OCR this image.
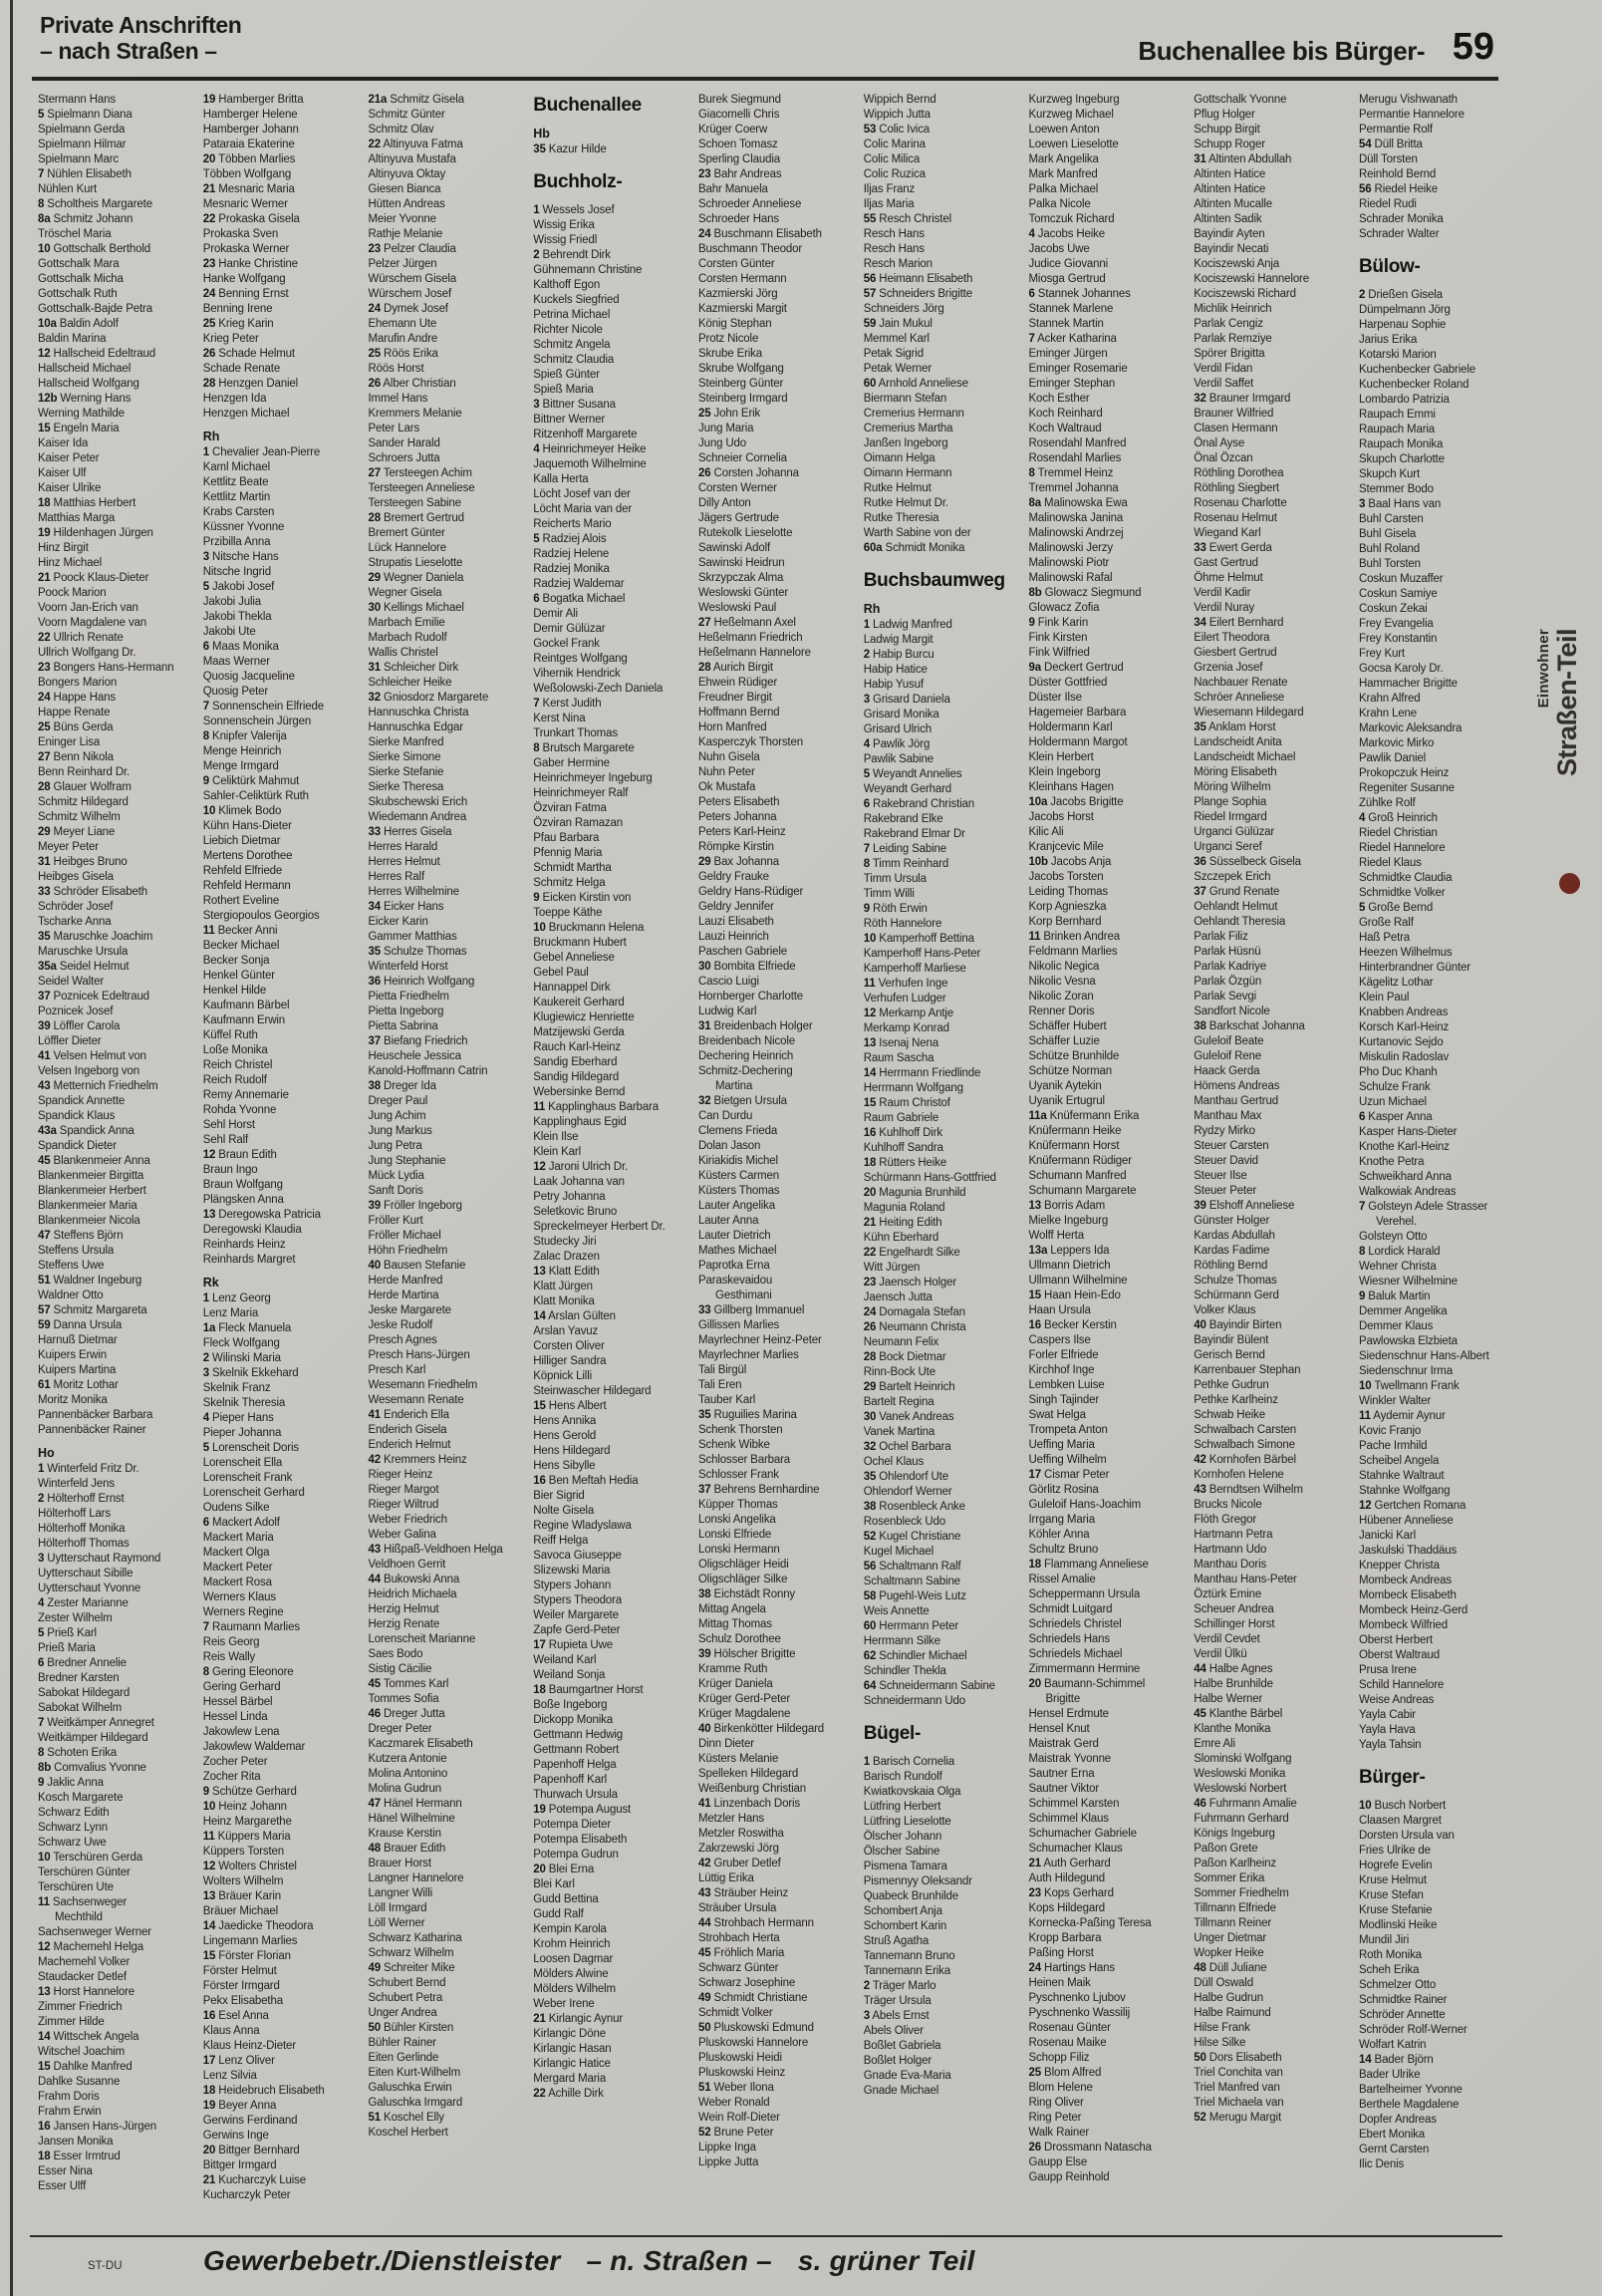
Private Anschriften
– nach Straßen –	Buchenallee bis Bürger- 59
Stermann Hans
5 Spielmann Diana
Spielmann Gerda
Spielmann Hilmar
Spielmann Marc
7 Nühlen Elisabeth
Nühlen Kurt
8 Scholtheis Margarete
8a Schmitz Johann
Tröschel Maria
10 Gottschalk Berthold
Gottschalk Mara
Gottschalk Micha
Gottschalk Ruth
Gottschalk-Bajde Petra
10a Baldin Adolf
Baldin Marina
12 Hallscheid Edeltraud
Hallscheid Michael
Hallscheid Wolfgang
12b Werning Hans
Werning Mathilde
15 Engeln Maria
Kaiser Ida
Kaiser Peter
Kaiser Ulf
Kaiser Ulrike
18 Matthias Herbert
Matthias Marga
19 Hildenhagen Jürgen
Hinz Birgit
Hinz Michael
21 Poock Klaus-Dieter
Poock Marion
Voorn Jan-Erich van
Voorn Magdalene van
22 Ullrich Renate
Ullrich Wolfgang Dr.
23 Bongers Hans-Hermann
Bongers Marion
24 Happe Hans
Happe Renate
25 Büns Gerda
Eninger Lisa
27 Benn Nikola
Benn Reinhard Dr.
28 Glauer Wolfram
Schmitz Hildegard
Schmitz Wilhelm
29 Meyer Liane
Meyer Peter
31 Heibges Bruno
Heibges Gisela
33 Schröder Elisabeth
Schröder Josef
Tscharke Anna
35 Maruschke Joachim
Maruschke Ursula
35a Seidel Helmut
Seidel Walter
37 Poznicek Edeltraud
Poznicek Josef
39 Löffler Carola
Löffler Dieter
41 Velsen Helmut von
Velsen Ingeborg von
43 Metternich Friedhelm
Spandick Annette
Spandick Klaus
43a Spandick Anna
Spandick Dieter
45 Blankenmeier Anna
Blankenmeier Birgitta
Blankenmeier Herbert
Blankenmeier Maria
Blankenmeier Nicola
47 Steffens Björn
Steffens Ursula
Steffens Uwe
51 Waldner Ingeburg
Waldner Otto
57 Schmitz Margareta
59 Danna Ursula
Harnuß Dietmar
Kuipers Erwin
Kuipers Martina
61 Moritz Lothar
Moritz Monika
Pannenbäcker Barbara
Pannenbäcker Rainer
Ho
1 Winterfeld Fritz Dr.
Winterfeld Jens
2 Hölterhoff Ernst
Hölterhoff Lars
Hölterhoff Monika
Hölterhoff Thomas
3 Uytterschaut Raymond
Uytterschaut Sibille
Uytterschaut Yvonne
4 Zester Marianne
Zester Wilhelm
5 Prieß Karl
Prieß Maria
6 Bredner Annelie
Bredner Karsten
Sabokat Hildegard
Sabokat Wilhelm
7 Weitkämper Annegret
Weitkämper Hildegard
8 Schoten Erika
8b Comvalius Yvonne
9 Jaklic Anna
Kosch Margarete
Schwarz Edith
Schwarz Lynn
Schwarz Uwe
10 Terschüren Gerda
Terschüren Günter
Terschüren Ute
11 Sachsenweger
Mechthild
Sachsenweger Werner
12 Machemehl Helga
Machemehl Volker
Staudacker Detlef
13 Horst Hannelore
Zimmer Friedrich
Zimmer Hilde
14 Wittschek Angela
Witschel Joachim
15 Dahlke Manfred
Dahlke Susanne
Frahm Doris
Frahm Erwin
16 Jansen Hans-Jürgen
Jansen Monika
18 Esser Irmtrud
Esser Nina
Esser Ulff
19 Hamberger Britta
Hamberger Helene
Hamberger Johann
Pataraia Ekaterine
20 Többen Marlies
Többen Wolfgang
21 Mesnaric Maria
Mesnaric Werner
22 Prokaska Gisela
Prokaska Sven
Prokaska Werner
23 Hanke Christine
Hanke Wolfgang
24 Benning Ernst
Benning Irene
25 Krieg Karin
Krieg Peter
26 Schade Helmut
Schade Renate
28 Henzgen Daniel
Henzgen Ida
Henzgen Michael
Rh
1 Chevalier Jean-Pierre
Kaml Michael
Kettlitz Beate
Kettlitz Martin
Krabs Carsten
Küssner Yvonne
Przibilla Anna
3 Nitsche Hans
Nitsche Ingrid
5 Jakobi Josef
Jakobi Julia
Jakobi Thekla
Jakobi Ute
6 Maas Monika
Maas Werner
Quosig Jacqueline
Quosig Peter
7 Sonnenschein Elfriede
Sonnenschein Jürgen
8 Knipfer Valerija
Menge Heinrich
Menge Irmgard
9 Celiktürk Mahmut
Sahler-Celiktürk Ruth
10 Klimek Bodo
Kühn Hans-Dieter
Liebich Dietmar
Mertens Dorothee
Rehfeld Elfriede
Rehfeld Hermann
Rothert Eveline
Stergiopoulos Georgios
11 Becker Anni
Becker Michael
Becker Sonja
Henkel Günter
Henkel Hilde
Kaufmann Bärbel
Kaufmann Erwin
Küffel Ruth
Loße Monika
Reich Christel
Reich Rudolf
Remy Annemarie
Rohda Yvonne
Sehl Horst
Sehl Ralf
12 Braun Edith
Braun Ingo
Braun Wolfgang
Plängsken Anna
13 Deregowska Patricia
Deregowski Klaudia
Reinhards Heinz
Reinhards Margret
Rk
1 Lenz Georg
Lenz Maria
1a Fleck Manuela
Fleck Wolfgang
2 Wilinski Maria
3 Skelnik Ekkehard
Skelnik Franz
Skelnik Theresia
4 Pieper Hans
Pieper Johanna
5 Lorenscheit Doris
Lorenscheit Ella
Lorenscheit Frank
Lorenscheit Gerhard
Oudens Silke
6 Mackert Adolf
Mackert Maria
Mackert Olga
Mackert Peter
Mackert Rosa
Werners Klaus
Werners Regine
7 Raumann Marlies
Reis Georg
Reis Wally
8 Gering Eleonore
Gering Gerhard
Hessel Bärbel
Hessel Linda
Jakowlew Lena
Jakowlew Waldemar
Zocher Peter
Zocher Rita
9 Schütze Gerhard
10 Heinz Johann
Heinz Margarethe
11 Küppers Maria
Küppers Torsten
12 Wolters Christel
Wolters Wilhelm
13 Bräuer Karin
Bräuer Michael
14 Jaedicke Theodora
Lingemann Marlies
15 Förster Florian
Förster Helmut
Förster Irmgard
Pekx Elisabetha
16 Esel Anna
Klaus Anna
Klaus Heinz-Dieter
17 Lenz Oliver
Lenz Silvia
18 Heidebruch Elisabeth
19 Beyer Anna
Gerwins Ferdinand
Gerwins Inge
20 Bittger Bernhard
Bittger Irmgard
21 Kucharczyk Luise
Kucharczyk Peter
21a Schmitz Gisela
Schmitz Günter
Schmitz Olav
22 Altinyuva Fatma
Altinyuva Mustafa
Altinyuva Oktay
Giesen Bianca
Hütten Andreas
Meier Yvonne
Rathje Melanie
23 Pelzer Claudia
Pelzer Jürgen
Würschem Gisela
Würschem Josef
24 Dymek Josef
Ehemann Ute
Marufin Andre
25 Röös Erika
Röös Horst
26 Alber Christian
Immel Hans
Kremmers Melanie
Peter Lars
Sander Harald
Schroers Jutta
27 Tersteegen Achim
Tersteegen Anneliese
Tersteegen Sabine
28 Bremert Gertrud
Bremert Günter
Lück Hannelore
Strupatis Lieselotte
29 Wegner Daniela
Wegner Gisela
30 Kellings Michael
Marbach Emilie
Marbach Rudolf
Wallis Christel
31 Schleicher Dirk
Schleicher Heike
32 Gniosdorz Margarete
Hannuschka Christa
Hannuschka Edgar
Sierke Manfred
Sierke Simone
Sierke Stefanie
Sierke Theresa
Skubschewski Erich
Wiedemann Andrea
33 Herres Gisela
Herres Harald
Herres Helmut
Herres Ralf
Herres Wilhelmine
34 Eicker Hans
Eicker Karin
Gammer Matthias
35 Schulze Thomas
Winterfeld Horst
36 Heinrich Wolfgang
Pietta Friedhelm
Pietta Ingeborg
Pietta Sabrina
37 Biefang Friedrich
Heuschele Jessica
Kanold-Hoffmann Catrin
38 Dreger Ida
Dreger Paul
Jung Achim
Jung Markus
Jung Petra
Jung Stephanie
Mück Lydia
Sanft Doris
39 Fröller Ingeborg
Fröller Kurt
Fröller Michael
Höhn Friedhelm
40 Bausen Stefanie
Herde Manfred
Herde Martina
Jeske Margarete
Jeske Rudolf
Presch Agnes
Presch Hans-Jürgen
Presch Karl
Wesemann Friedhelm
Wesemann Renate
41 Enderich Ella
Enderich Gisela
Enderich Helmut
42 Kremmers Heinz
Rieger Heinz
Rieger Margot
Rieger Wiltrud
Weber Friedrich
Weber Galina
43 Hißpaß-Veldhoen Helga
Veldhoen Gerrit
44 Bukowski Anna
Heidrich Michaela
Herzig Helmut
Herzig Renate
Lorenscheit Marianne
Saes Bodo
Sistig Cäcilie
45 Tommes Karl
Tommes Sofia
46 Dreger Jutta
Dreger Peter
Kaczmarek Elisabeth
Kutzera Antonie
Molina Antonino
Molina Gudrun
47 Hänel Hermann
Hänel Wilhelmine
Krause Kerstin
48 Brauer Edith
Brauer Horst
Langner Hannelore
Langner Willi
Löll Irmgard
Löll Werner
Schwarz Katharina
Schwarz Wilhelm
49 Schreiter Mike
Schubert Bernd
Schubert Petra
Unger Andrea
50 Bühler Kirsten
Bühler Rainer
Eiten Gerlinde
Eiten Kurt-Wilhelm
Galuschka Erwin
Galuschka Irmgard
51 Koschel Elly
Koschel Herbert
Buchenallee
Hb
35 Kazur Hilde
Buchholz-
1 Wessels Josef
Wissig Erika
Wissig Friedl
2 Behrendt Dirk
Gühnemann Christine
Kalthoff Egon
Kuckels Siegfried
Petrina Michael
Richter Nicole
Schmitz Angela
Schmitz Claudia
Spieß Günter
Spieß Maria
3 Bittner Susana
Bittner Werner
Ritzenhoff Margarete
4 Heinrichmeyer Heike
Jaquemoth Wilhelmine
Kalla Herta
Löcht Josef van der
Löcht Maria van der
Reicherts Mario
5 Radziej Alois
Radziej Helene
Radziej Monika
Radziej Waldemar
6 Bogatka Michael
Demir Ali
Demir Gülüzar
Gockel Frank
Reintges Wolfgang
Vihernik Hendrick
Weßolowski-Zech Daniela
7 Kerst Judith
Kerst Nina
Trunkart Thomas
8 Brutsch Margarete
Gaber Hermine
Heinrichmeyer Ingeburg
Heinrichmeyer Ralf
Özviran Fatma
Özviran Ramazan
Pfau Barbara
Pfennig Maria
Schmidt Martha
Schmitz Helga
9 Eicken Kirstin von
Toeppe Käthe
10 Bruckmann Helena
Bruckmann Hubert
Gebel Anneliese
Gebel Paul
Hannappel Dirk
Kaukereit Gerhard
Klugiewicz Henriette
Matzijewski Gerda
Rauch Karl-Heinz
Sandig Eberhard
Sandig Hildegard
Webersinke Bernd
11 Kapplinghaus Barbara
Kapplinghaus Egid
Klein Ilse
Klein Karl
12 Jaroni Ulrich Dr.
Laak Johanna van
Petry Johanna
Seletkovic Bruno
Spreckelmeyer Herbert Dr.
Studecky Jiri
Zalac Drazen
13 Klatt Edith
Klatt Jürgen
Klatt Monika
14 Arslan Gülten
Arslan Yavuz
Corsten Oliver
Hilliger Sandra
Köpnick Lilli
Steinwascher Hildegard
15 Hens Albert
Hens Annika
Hens Gerold
Hens Hildegard
Hens Sibylle
16 Ben Meftah Hedia
Bier Sigrid
Nolte Gisela
Regine Wladyslawa
Reiff Helga
Savoca Giuseppe
Slizewski Maria
Stypers Johann
Stypers Theodora
Weiler Margarete
Zapfe Gerd-Peter
17 Rupieta Uwe
Weiland Karl
Weiland Sonja
18 Baumgartner Horst
Boße Ingeborg
Dickopp Monika
Gettmann Hedwig
Gettmann Robert
Papenhoff Helga
Papenhoff Karl
Thurwach Ursula
19 Potempa August
Potempa Dieter
Potempa Elisabeth
Potempa Gudrun
20 Blei Erna
Blei Karl
Gudd Bettina
Gudd Ralf
Kempin Karola
Krohm Heinrich
Loosen Dagmar
Mölders Alwine
Mölders Wilhelm
Weber Irene
21 Kirlangic Aynur
Kirlangic Döne
Kirlangic Hasan
Kirlangic Hatice
Mergard Maria
22 Achille Dirk
Burek Siegmund
Giacomelli Chris
Krüger Coerw
Schoen Tomasz
Sperling Claudia
23 Bahr Andreas
Bahr Manuela
Schroeder Anneliese
Schroeder Hans
24 Buschmann Elisabeth
Buschmann Theodor
Corsten Günter
Corsten Hermann
Kazmierski Jörg
Kazmierski Margit
König Stephan
Protz Nicole
Skrube Erika
Skrube Wolfgang
Steinberg Günter
Steinberg Irmgard
25 John Erik
Jung Maria
Jung Udo
Schneier Cornelia
26 Corsten Johanna
Corsten Werner
Dilly Anton
Jägers Gertrude
Rutekolk Lieselotte
Sawinski Adolf
Sawinski Heidrun
Skrzypczak Alma
Weslowski Günter
Weslowski Paul
27 Heßelmann Axel
Heßelmann Friedrich
Heßelmann Hannelore
28 Aurich Birgit
Ehwein Rüdiger
Freudner Birgit
Hoffmann Bernd
Horn Manfred
Kasperczyk Thorsten
Nuhn Gisela
Nuhn Peter
Ok Mustafa
Peters Elisabeth
Peters Johanna
Peters Karl-Heinz
Römpke Kirstin
29 Bax Johanna
Geldry Frauke
Geldry Hans-Rüdiger
Geldry Jennifer
Lauzi Elisabeth
Lauzi Heinrich
Paschen Gabriele
30 Bombita Elfriede
Cascio Luigi
Hornberger Charlotte
Ludwig Karl
31 Breidenbach Holger
Breidenbach Nicole
Dechering Heinrich
Schmitz-Dechering
Martina
32 Bietgen Ursula
Can Durdu
Clemens Frieda
Dolan Jason
Kiriakidis Michel
Küsters Carmen
Küsters Thomas
Lauter Angelika
Lauter Anna
Lauter Dietrich
Mathes Michael
Paprotka Erna
Paraskevaidou
Gesthimani
33 Gillberg Immanuel
Gillissen Marlies
Mayrlechner Heinz-Peter
Mayrlechner Marlies
Tali Birgül
Tali Eren
Tauber Karl
35 Ruguilies Marina
Schenk Thorsten
Schenk Wibke
Schlosser Barbara
Schlosser Frank
37 Behrens Bernhardine
Küpper Thomas
Lonski Angelika
Lonski Elfriede
Lonski Hermann
Oligschläger Heidi
Oligschläger Silke
38 Eichstädt Ronny
Mittag Angela
Mittag Thomas
Schulz Dorothee
39 Hölscher Brigitte
Kramme Ruth
Krüger Daniela
Krüger Gerd-Peter
Krüger Magdalene
40 Birkenkötter Hildegard
Dinn Dieter
Küsters Melanie
Spelleken Hildegard
Weißenburg Christian
41 Linzenbach Doris
Metzler Hans
Metzler Roswitha
Zakrzewski Jörg
42 Gruber Detlef
Lüttig Erika
43 Sträuber Heinz
Sträuber Ursula
44 Strohbach Hermann
Strohbach Herta
45 Fröhlich Maria
Schwarz Günter
Schwarz Josephine
49 Schmidt Christiane
Schmidt Volker
50 Pluskowski Edmund
Pluskowski Hannelore
Pluskowski Heidi
Pluskowski Heinz
51 Weber Ilona
Weber Ronald
Wein Rolf-Dieter
52 Brune Peter
Lippke Inga
Lippke Jutta
Wippich Bernd
Wippich Jutta
53 Colic Ivica
Colic Marina
Colic Milica
Colic Ruzica
Iljas Franz
Iljas Maria
55 Resch Christel
Resch Hans
Resch Hans
Resch Marion
56 Heimann Elisabeth
57 Schneiders Brigitte
Schneiders Jörg
59 Jain Mukul
Memmel Karl
Petak Sigrid
Petak Werner
60 Arnhold Anneliese
Biermann Stefan
Cremerius Hermann
Cremerius Martha
Janßen Ingeborg
Oimann Helga
Oimann Hermann
Rutke Helmut
Rutke Helmut Dr.
Rutke Theresia
Warth Sabine von der
60a Schmidt Monika
Buchsbaumweg
Rh
1 Ladwig Manfred
Ladwig Margit
2 Habip Burcu
Habip Hatice
Habip Yusuf
3 Grisard Daniela
Grisard Monika
Grisard Ulrich
4 Pawlik Jörg
Pawlik Sabine
5 Weyandt Annelies
Weyandt Gerhard
6 Rakebrand Christian
Rakebrand Elke
Rakebrand Elmar Dr
7 Leiding Sabine
8 Timm Reinhard
Timm Ursula
Timm Willi
9 Röth Erwin
Röth Hannelore
10 Kamperhoff Bettina
Kamperhoff Hans-Peter
Kamperhoff Marliese
11 Verhufen Inge
Verhufen Ludger
12 Merkamp Antje
Merkamp Konrad
13 Isenaj Nena
Raum Sascha
14 Herrmann Friedlinde
Herrmann Wolfgang
15 Raum Christof
Raum Gabriele
16 Kuhlhoff Dirk
Kuhlhoff Sandra
18 Rütters Heike
Schürmann Hans-Gottfried
20 Magunia Brunhild
Magunia Roland
21 Heiting Edith
Kühn Eberhard
22 Engelhardt Silke
Witt Jürgen
23 Jaensch Holger
Jaensch Jutta
24 Domagala Stefan
26 Neumann Christa
Neumann Felix
28 Bock Dietmar
Rinn-Bock Ute
29 Bartelt Heinrich
Bartelt Regina
30 Vanek Andreas
Vanek Martina
32 Ochel Barbara
Ochel Klaus
35 Ohlendorf Ute
Ohlendorf Werner
38 Rosenbleck Anke
Rosenbleck Udo
52 Kugel Christiane
Kugel Michael
56 Schaltmann Ralf
Schaltmann Sabine
58 Pugehl-Weis Lutz
Weis Annette
60 Herrmann Peter
Herrmann Silke
62 Schindler Michael
Schindler Thekla
64 Schneidermann Sabine
Schneidermann Udo
Bügel-
1 Barisch Cornelia
Barisch Rundolf
Kwiatkovskaia Olga
Lütfring Herbert
Lütfring Lieselotte
Ölscher Johann
Ölscher Sabine
Pismena Tamara
Pismennyy Oleksandr
Quabeck Brunhilde
Schombert Anja
Schombert Karin
Struß Agatha
Tannemann Bruno
Tannemann Erika
2 Träger Marlo
Träger Ursula
3 Abels Ernst
Abels Oliver
Boßlet Gabriela
Boßlet Holger
Gnade Eva-Maria
Gnade Michael
Kurzweg Ingeburg
Kurzweg Michael
Loewen Anton
Loewen Lieselotte
Mark Angelika
Mark Manfred
Palka Michael
Palka Nicole
Tomczuk Richard
4 Jacobs Heike
Jacobs Uwe
Judice Giovanni
Miosga Gertrud
6 Stannek Johannes
Stannek Marlene
Stannek Martin
7 Acker Katharina
Eminger Jürgen
Eminger Rosemarie
Eminger Stephan
Koch Esther
Koch Reinhard
Koch Waltraud
Rosendahl Manfred
Rosendahl Marlies
8 Tremmel Heinz
Tremmel Johanna
8a Malinowska Ewa
Malinowska Janina
Malinowski Andrzej
Malinowski Jerzy
Malinowski Piotr
Malinowski Rafal
8b Glowacz Siegmund
Glowacz Zofia
9 Fink Karin
Fink Kirsten
Fink Wilfried
9a Deckert Gertrud
Düster Gottfried
Düster Ilse
Hagemeier Barbara
Holdermann Karl
Holdermann Margot
Klein Herbert
Klein Ingeborg
Kleinhans Hagen
10a Jacobs Brigitte
Jacobs Horst
Kilic Ali
Kranjcevic Mile
10b Jacobs Anja
Jacobs Torsten
Leiding Thomas
Korp Agnieszka
Korp Bernhard
11 Brinken Andrea
Feldmann Marlies
Nikolic Negica
Nikolic Vesna
Nikolic Zoran
Renner Doris
Schäffer Hubert
Schäffer Luzie
Schütze Brunhilde
Schütze Norman
Uyanik Aytekin
Uyanik Ertugrul
11a Knüfermann Erika
Knüfermann Heike
Knüfermann Horst
Knüfermann Rüdiger
Schumann Manfred
Schumann Margarete
13 Borris Adam
Mielke Ingeburg
Wolff Herta
13a Leppers Ida
Ullmann Dietrich
Ullmann Wilhelmine
15 Haan Hein-Edo
Haan Ursula
16 Becker Kerstin
Caspers Ilse
Forler Elfriede
Kirchhof Inge
Lembken Luise
Singh Tajinder
Swat Helga
Trompeta Anton
Ueffing Maria
Ueffing Wilhelm
17 Cismar Peter
Görlitz Rosina
Guleloif Hans-Joachim
Irrgang Maria
Köhler Anna
Schultz Bruno
18 Flammang Anneliese
Rissel Amalie
Scheppermann Ursula
Schmidt Luitgard
Schriedels Christel
Schriedels Hans
Schriedels Michael
Zimmermann Hermine
20 Baumann-Schimmel
Brigitte
Hensel Erdmute
Hensel Knut
Maistrak Gerd
Maistrak Yvonne
Sautner Erna
Sautner Viktor
Schimmel Karsten
Schimmel Klaus
Schumacher Gabriele
Schumacher Klaus
21 Auth Gerhard
Auth Hildegund
23 Kops Gerhard
Kops Hildegard
Kornecka-Paßing Teresa
Kropp Barbara
Paßing Horst
24 Hartings Hans
Heinen Maik
Pyschnenko Ljubov
Pyschnenko Wassilij
Rosenau Günter
Rosenau Maike
Schopp Filiz
25 Blom Alfred
Blom Helene
Ring Oliver
Ring Peter
Walk Rainer
26 Drossmann Natascha
Gaupp Else
Gaupp Reinhold
Gottschalk Yvonne
Pflug Holger
Schupp Birgit
Schupp Roger
31 Altinten Abdullah
Altinten Hatice
Altinten Hatice
Altinten Mucalle
Altinten Sadik
Bayindir Ayten
Bayindir Necati
Kociszewski Anja
Kociszewski Hannelore
Kociszewski Richard
Michlik Heinrich
Parlak Cengiz
Parlak Remziye
Spörer Brigitta
Verdil Fidan
Verdil Saffet
32 Brauner Irmgard
Brauner Wilfried
Clasen Hermann
Önal Ayse
Önal Özcan
Röthling Dorothea
Röthling Siegbert
Rosenau Charlotte
Rosenau Helmut
Wiegand Karl
33 Ewert Gerda
Gast Gertrud
Öhme Helmut
Verdil Kadir
Verdil Nuray
34 Eilert Bernhard
Eilert Theodora
Giesbert Gertrud
Grzenia Josef
Nachbauer Renate
Schröer Anneliese
Wiesemann Hildegard
35 Anklam Horst
Landscheidt Anita
Landscheidt Michael
Möring Elisabeth
Möring Wilhelm
Plange Sophia
Riedel Irmgard
Urganci Gülüzar
Urganci Seref
36 Süsselbeck Gisela
Szczepek Erich
37 Grund Renate
Oehlandt Helmut
Oehlandt Theresia
Parlak Filiz
Parlak Hüsnü
Parlak Kadriye
Parlak Özgün
Parlak Sevgi
Sandfort Nicole
38 Barkschat Johanna
Guleloif Beate
Guleloif Rene
Haack Gerda
Hömens Andreas
Manthau Gertrud
Manthau Max
Rydzy Mirko
Steuer Carsten
Steuer David
Steuer Ilse
Steuer Peter
39 Elshoff Anneliese
Günster Holger
Kardas Abdullah
Kardas Fadime
Röthling Bernd
Schulze Thomas
Schürmann Gerd
Volker Klaus
40 Bayindir Birten
Bayindir Bülent
Gerisch Bernd
Karrenbauer Stephan
Pethke Gudrun
Pethke Karlheinz
Schwab Heike
Schwalbach Carsten
Schwalbach Simone
42 Kornhofen Bärbel
Kornhofen Helene
43 Berndtsen Wilhelm
Brucks Nicole
Flöth Gregor
Hartmann Petra
Hartmann Udo
Manthau Doris
Manthau Hans-Peter
Öztürk Emine
Scheuer Andrea
Schillinger Horst
Verdil Cevdet
Verdil Ülkü
44 Halbe Agnes
Halbe Brunhilde
Halbe Werner
45 Klanthe Bärbel
Klanthe Monika
Emre Ali
Slominski Wolfgang
Weslowski Monika
Weslowski Norbert
46 Fuhrmann Amalie
Fuhrmann Gerhard
Königs Ingeburg
Paßon Grete
Paßon Karlheinz
Sommer Erika
Sommer Friedhelm
Tillmann Elfriede
Tillmann Reiner
Unger Dietmar
Wopker Heike
48 Düll Juliane
Düll Oswald
Halbe Gudrun
Halbe Raimund
Hilse Frank
Hilse Silke
50 Dors Elisabeth
Triel Conchita van
Triel Manfred van
Triel Michaela van
52 Merugu Margit
Merugu Vishwanath
Permantie Hannelore
Permantie Rolf
54 Düll Britta
Düll Torsten
Reinhold Bernd
56 Riedel Heike
Riedel Rudi
Schrader Monika
Schrader Walter
Bülow-
2 Drießen Gisela
Dümpelmann Jörg
Harpenau Sophie
Jarius Erika
Kotarski Marion
Kuchenbecker Gabriele
Kuchenbecker Roland
Lombardo Patrizia
Raupach Emmi
Raupach Maria
Raupach Monika
Skupch Charlotte
Skupch Kurt
Stemmer Bodo
3 Baal Hans van
Buhl Carsten
Buhl Gisela
Buhl Roland
Buhl Torsten
Coskun Muzaffer
Coskun Samiye
Coskun Zekai
Frey Evangelia
Frey Konstantin
Frey Kurt
Gocsa Karoly Dr.
Hammacher Brigitte
Krahn Alfred
Krahn Lene
Markovic Aleksandra
Markovic Mirko
Pawlik Daniel
Prokopczuk Heinz
Regeniter Susanne
Zühlke Rolf
4 Groß Heinrich
Riedel Christian
Riedel Hannelore
Riedel Klaus
Schmidtke Claudia
Schmidtke Volker
5 Große Bernd
Große Ralf
Haß Petra
Heezen Wilhelmus
Hinterbrandner Günter
Kägelitz Lothar
Klein Paul
Knabben Andreas
Korsch Karl-Heinz
Kurtanovic Sejdo
Miskulin Radoslav
Pho Duc Khanh
Schulze Frank
Uzun Michael
6 Kasper Anna
Kasper Hans-Dieter
Knothe Karl-Heinz
Knothe Petra
Schweikhard Anna
Walkowiak Andreas
7 Golsteyn Adele Strasser
Verehel.
Golsteyn Otto
8 Lordick Harald
Wehner Christa
Wiesner Wilhelmine
9 Baluk Martin
Demmer Angelika
Demmer Klaus
Pawlowska Elzbieta
Siedenschnur Hans-Albert
Siedenschnur Irma
10 Twellmann Frank
Winkler Walter
11 Aydemir Aynur
Kovic Franjo
Pache Irmhild
Scheibel Angela
Stahnke Waltraut
Stahnke Wolfgang
12 Gertchen Romana
Hübener Anneliese
Janicki Karl
Jaskulski Thaddäus
Knepper Christa
Mombeck Andreas
Mombeck Elisabeth
Mombeck Heinz-Gerd
Mombeck Wilfried
Oberst Herbert
Oberst Waltraud
Prusa Irene
Schild Hannelore
Weise Andreas
Yayla Cabir
Yayla Hava
Yayla Tahsin
Bürger-
10 Busch Norbert
Claasen Margret
Dorsten Ursula van
Fries Ulrike de
Hogrefe Evelin
Kruse Helmut
Kruse Stefan
Kruse Stefanie
Modlinski Heike
Mundil Jiri
Roth Monika
Scheh Erika
Schmelzer Otto
Schmidtke Rainer
Schröder Annette
Schröder Rolf-Werner
Wolfart Katrin
14 Bader Björn
Bader Ulrike
Bartelheimer Yvonne
Berthele Magdalene
Dopfer Andreas
Ebert Monika
Gernt Carsten
Ilic Denis
Einwohner Straßen-Teil
ST-DU	Gewerbebetr./Dienstleister – n. Straßen – s. grüner Teil
